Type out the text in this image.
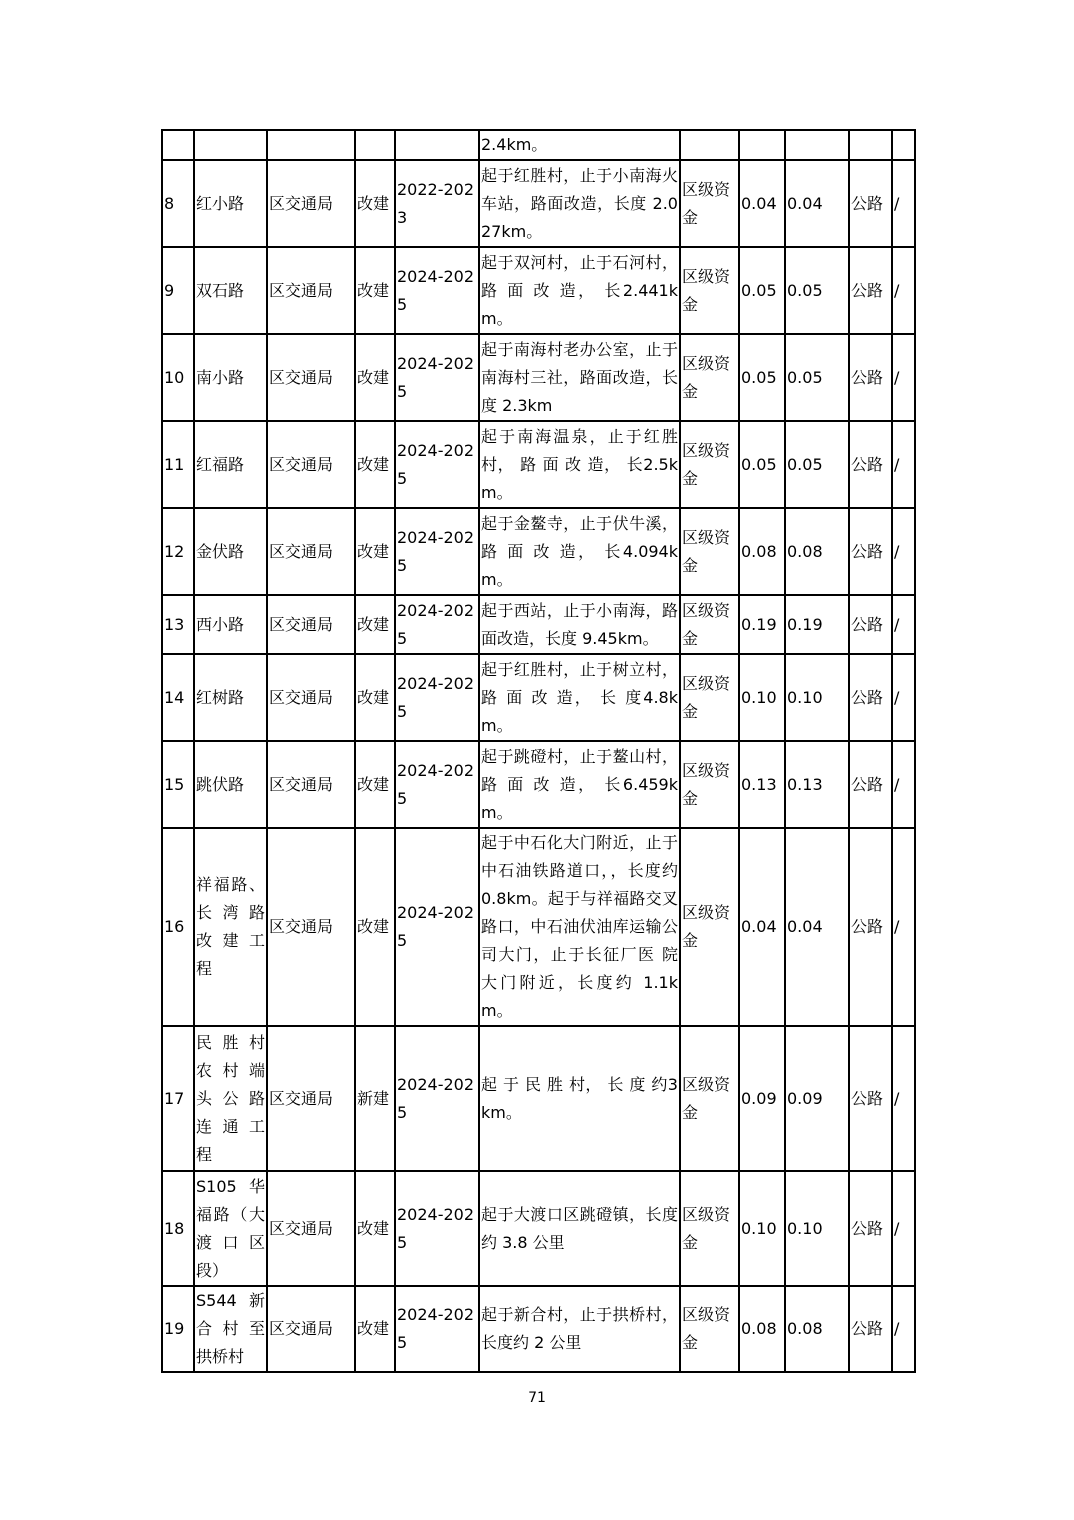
					2.4km。					
8	红小路	区交通局	改建	2022-2023	起于红胜村，止于小南海火车站，路面改造，长度 2.027km。	区级资金	0.04	0.04	公路	/
9	双石路	区交通局	改建	2024-2025	起于双河村，止于石河村， 路 面 改 造， 长2.441km。	区级资金	0.05	0.05	公路	/
10	南小路	区交通局	改建	2024-2025	起于南海村老办公室，止于南海村三社，路面改造，长度 2.3km	区级资金	0.05	0.05	公路	/
11	红福路	区交通局	改建	2024-2025	起于南海温泉，止于红胜村， 路 面 改 造， 长2.5km。	区级资金	0.05	0.05	公路	/
12	金伏路	区交通局	改建	2024-2025	起于金鳌寺，止于伏牛溪， 路 面 改 造， 长4.094km。	区级资金	0.08	0.08	公路	/
13	西小路	区交通局	改建	2024-2025	起于西站，止于小南海，路面改造，长度 9.45km。	区级资金	0.19	0.19	公路	/
14	红树路	区交通局	改建	2024-2025	起于红胜村，止于树立村， 路 面 改 造， 长 度4.8km。	区级资金	0.10	0.10	公路	/
15	跳伏路	区交通局	改建	2024-2025	起于跳磴村，止于鳌山村， 路 面 改 造， 长6.459km。	区级资金	0.13	0.13	公路	/
16	祥福路、长 湾 路改 建 工程	区交通局	改建	2024-2025	起于中石化大门附近，止于中石油铁路道口，，长度约 0.8km。起于与祥福路交叉路口，中石油伏油库运输公司大门，止于长征厂医 院大门附近，长度约 1.1km。	区级资金	0.04	0.04	公路	/
17	民 胜 村农 村 端头 公 路连 通 工程	区交通局	新建	2024-2025	起 于 民 胜 村， 长 度 约3km。	区级资金	0.09	0.09	公路	/
18	S105 华福路（大渡 口 区段）	区交通局	改建	2024-2025	起于大渡口区跳磴镇，长度约 3.8 公里	区级资金	0.10	0.10	公路	/
19	S544 新合 村 至拱桥村	区交通局	改建	2024-2025	起于新合村，止于拱桥村，长度约 2 公里	区级资金	0.08	0.08	公路	/
71
